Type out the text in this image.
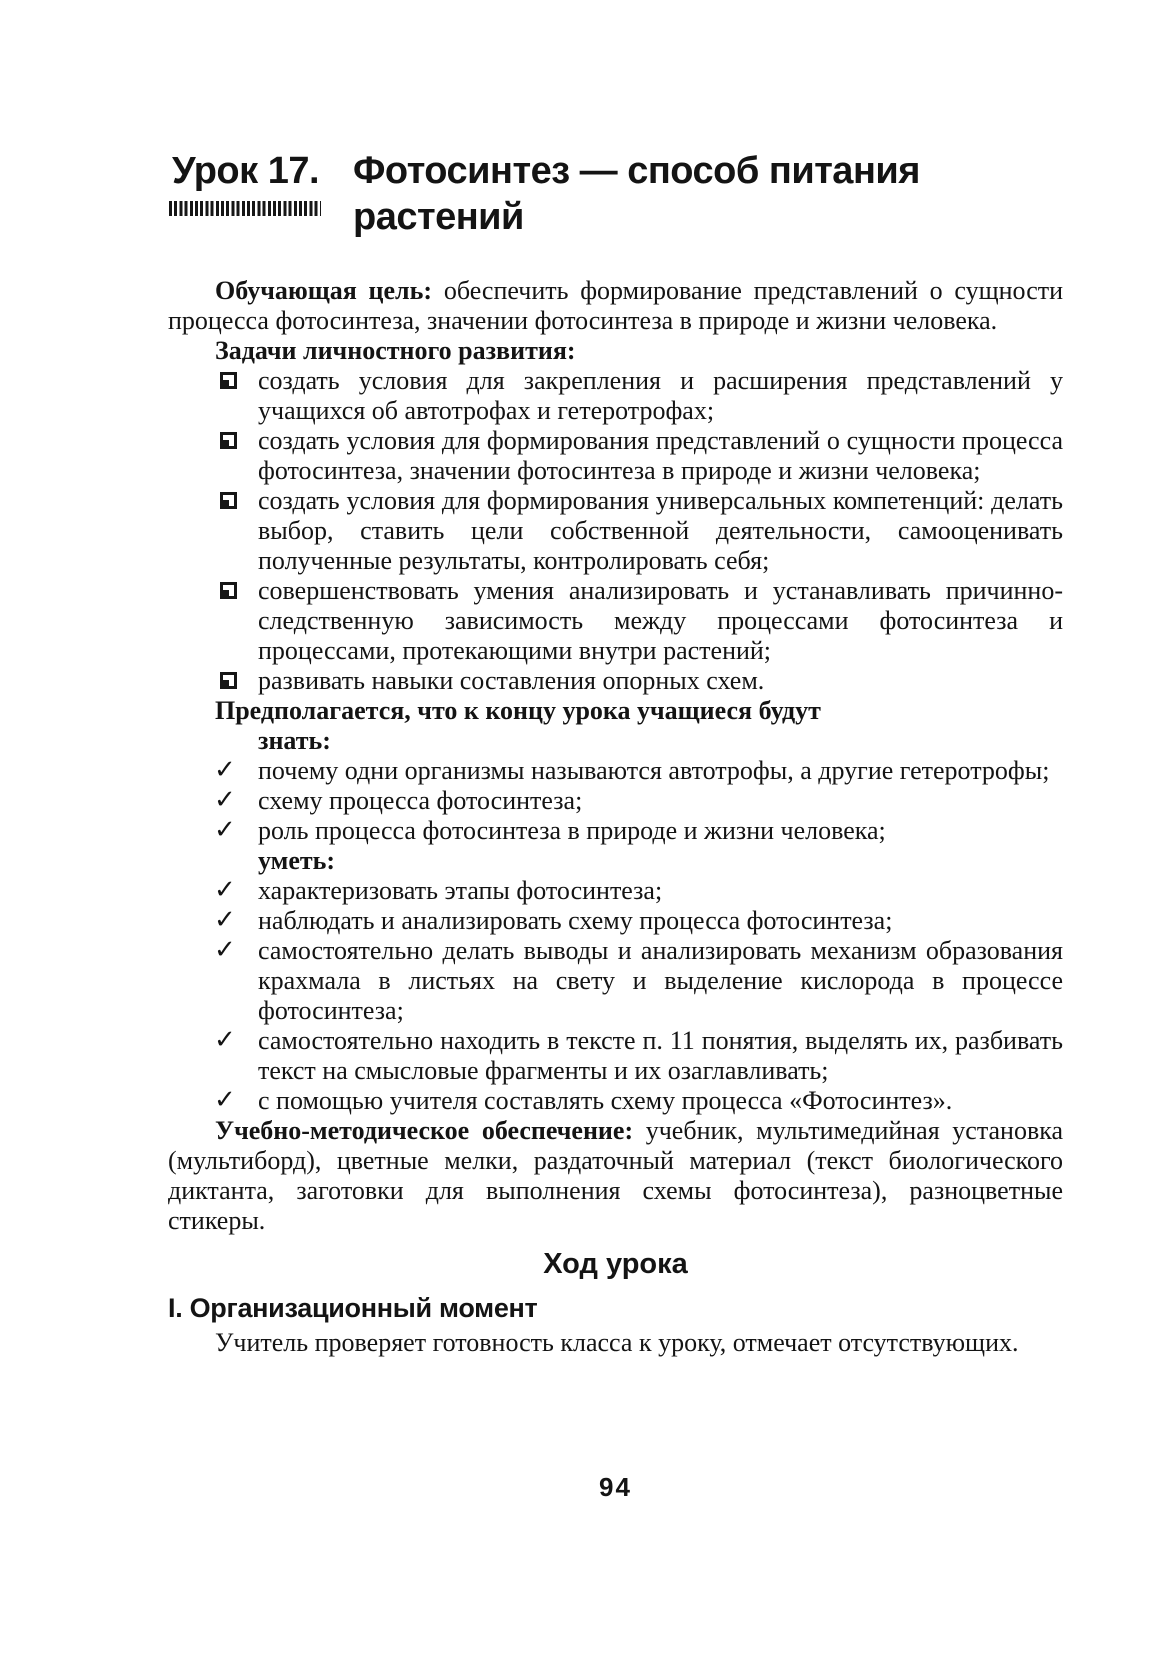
Урок 17. Фотосинтез — способ питания
растений

Обучающая цель: обеспечить формирование представлений о сущности процесса фотосинтеза, значении фотосинтеза в природе и жизни человека.

Задачи личностного развития:
создать условия для закрепления и расширения представлений у учащихся об автотрофах и гетеротрофах;
создать условия для формирования представлений о сущности процесса фотосинтеза, значении фотосинтеза в природе и жизни человека;
создать условия для формирования универсальных компетенций: делать выбор, ставить цели собственной деятельности, самооценивать полученные результаты, контролировать себя;
совершенствовать умения анализировать и устанавливать причинно-следственную зависимость между процессами фотосинтеза и процессами, протекающими внутри растений;
развивать навыки составления опорных схем.
Предполагается, что к концу урока учащиеся будут
знать:
✓ почему одни организмы называются автотрофы, а другие гетеротрофы;
✓ схему процесса фотосинтеза;
✓ роль процесса фотосинтеза в природе и жизни человека;
уметь:
✓ характеризовать этапы фотосинтеза;
✓ наблюдать и анализировать схему процесса фотосинтеза;
✓ самостоятельно делать выводы и анализировать механизм образования крахмала в листьях на свету и выделение кислорода в процессе фотосинтеза;
✓ самостоятельно находить в тексте п. 11 понятия, выделять их, разбивать текст на смысловые фрагменты и их озаглавливать;
✓ с помощью учителя составлять схему процесса «Фотосинтез».

Учебно-методическое обеспечение: учебник, мультимедийная установка (мультиборд), цветные мелки, раздаточный материал (текст биологического диктанта, заготовки для выполнения схемы фотосинтеза), разноцветные стикеры.

Ход урока
I. Организационный момент

Учитель проверяет готовность класса к уроку, отмечает отсутствующих.

94
